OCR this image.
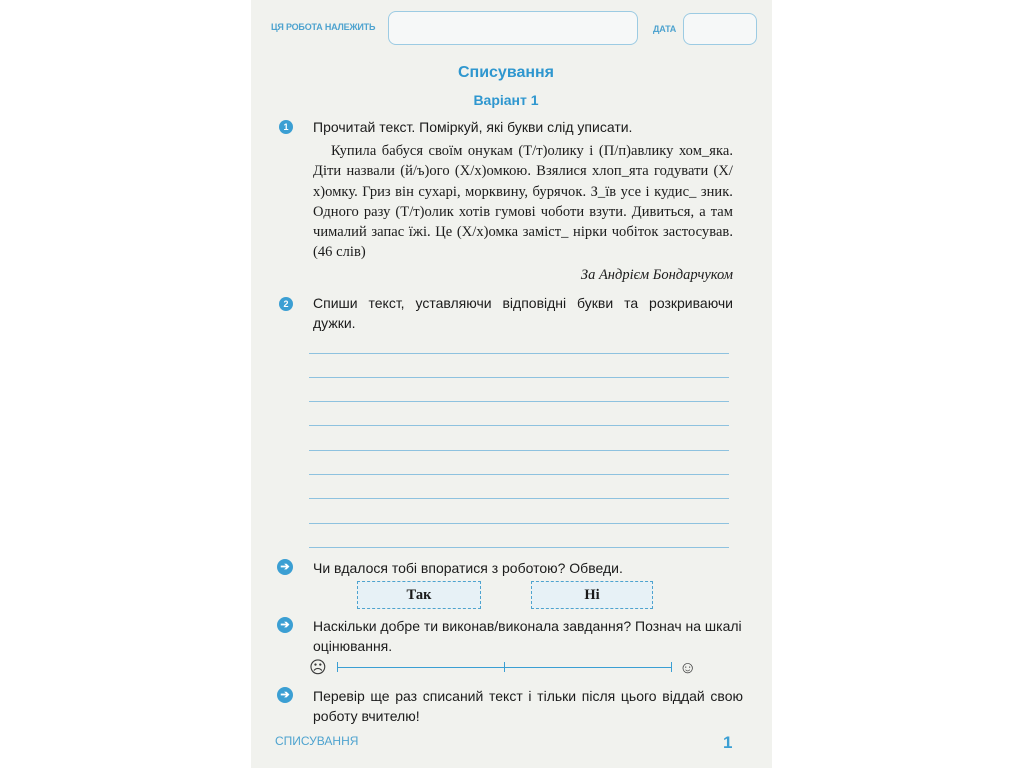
ЦЯ РОБОТА НАЛЕЖИТЬ	ДАТА
Списування
Варіант 1
1	Прочитай текст. Поміркуй, які букви слід уписати.
Купила бабуся своїм онукам (Т/т)олику і (П/п)авлику хом_яка. Діти назвали (й/ъ)ого (Х/х)омкою. Взялися хлоп_ята годувати (Х/х)омку. Гриз він сухарі, морквину, бурячок. З_їв усе і кудис_ зник. Одного разу (Т/т)олик хотів гумові чоботи взути. Дивиться, а там чималий запас їжі. Це (Х/х)омка заміст_ нірки чобіток застосував. (46 слів)
За Андрієм Бондарчуком
2	Спиши текст, уставляючи відповідні букви та розкриваючи дужки.
➔ Чи вдалося тобі впоратися з роботою? Обведи.
Так	Ні
➔ Наскільки добре ти виконав/виконала завдання? Познач на шкалі оцінювання.
☹	☺
➔ Перевір ще раз списаний текст і тільки після цього віддай свою роботу вчителю!
СПИСУВАННЯ	1
